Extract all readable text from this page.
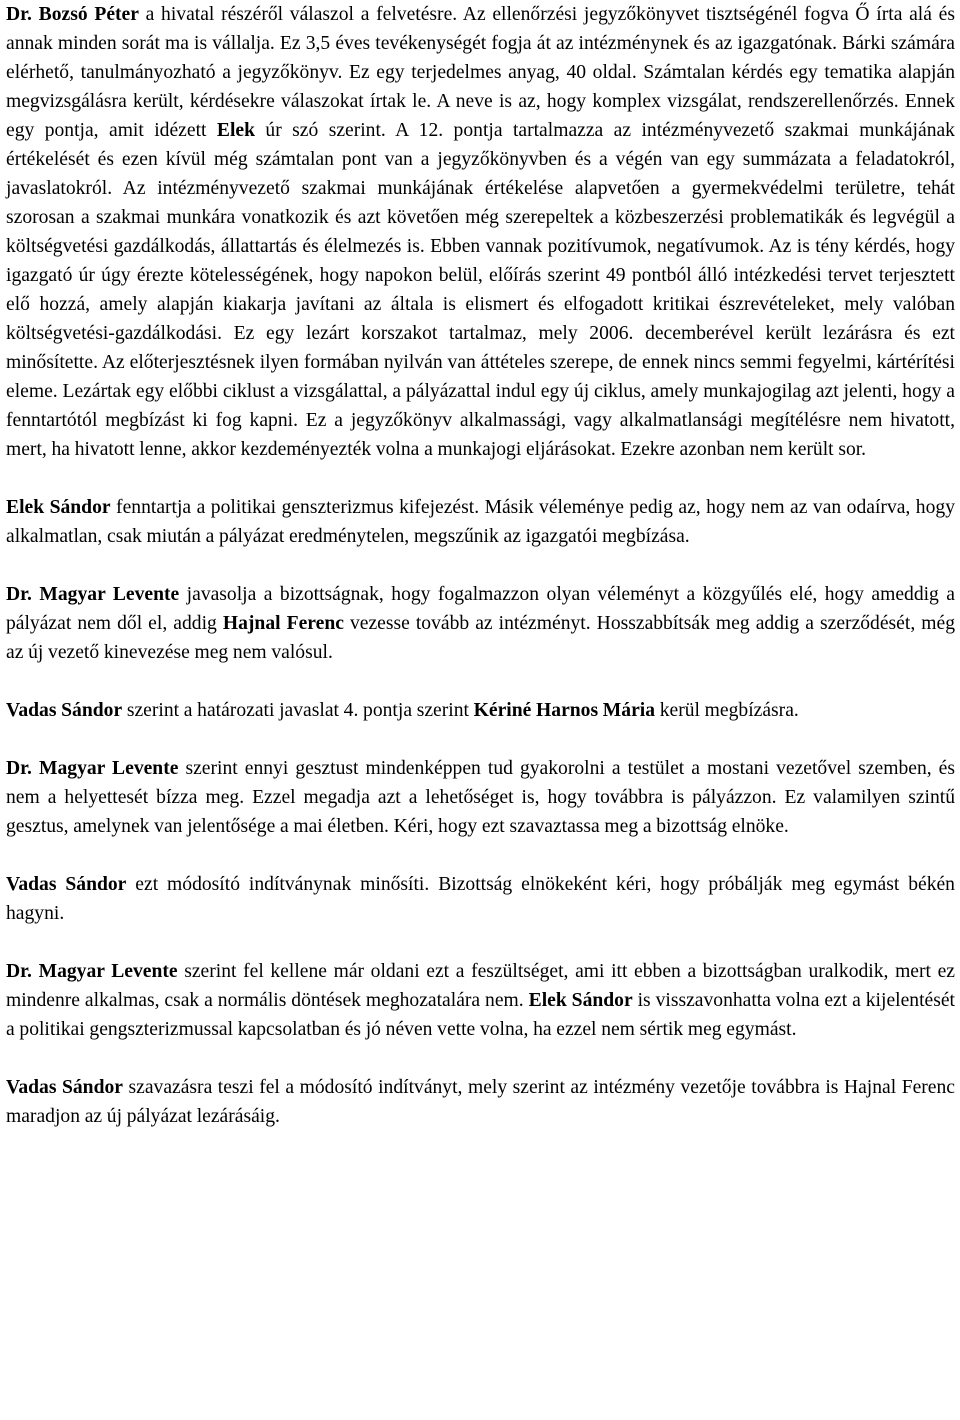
Dr. Bozsó Péter a hivatal részéről válaszol a felvetésre. Az ellenőrzési jegyzőkönyvet tisztségénél fogva Ő írta alá és annak minden sorát ma is vállalja. Ez 3,5 éves tevékenységét fogja át az intézménynek és az igazgatónak. Bárki számára elérhető, tanulmányozható a jegyzőkönyv. Ez egy terjedelmes anyag, 40 oldal. Számtalan kérdés egy tematika alapján megvizsgálásra került, kérdésekre válaszokat írtak le. A neve is az, hogy komplex vizsgálat, rendszerellenőrzés. Ennek egy pontja, amit idézett Elek úr szó szerint. A 12. pontja tartalmazza az intézményvezető szakmai munkájának értékelését és ezen kívül még számtalan pont van a jegyzőkönyvben és a végén van egy summázata a feladatokról, javaslatokról. Az intézményvezető szakmai munkájának értékelése alapvetően a gyermekvédelmi területre, tehát szorosan a szakmai munkára vonatkozik és azt követően még szerepeltek a közbeszerzési problematikák és legvégül a költségvetési gazdálkodás, állattartás és élelmezés is. Ebben vannak pozitívumok, negatívumok. Az is tény kérdés, hogy igazgató úr úgy érezte kötelességének, hogy napokon belül, előírás szerint 49 pontból álló intézkedési tervet terjesztett elő hozzá, amely alapján kiakarja javítani az általa is elismert és elfogadott kritikai észrevételeket, mely valóban költségvetési-gazdálkodási. Ez egy lezárt korszakot tartalmaz, mely 2006. decemberével került lezárásra és ezt minősítette. Az előterjesztésnek ilyen formában nyilván van áttételes szerepe, de ennek nincs semmi fegyelmi, kártérítési eleme. Lezártak egy előbbi ciklust a vizsgálattal, a pályázattal indul egy új ciklus, amely munkajogilag azt jelenti, hogy a fenntartótól megbízást ki fog kapni. Ez a jegyzőkönyv alkalmassági, vagy alkalmatlansági megítélésre nem hivatott, mert, ha hivatott lenne, akkor kezdeményezték volna a munkajogi eljárásokat. Ezekre azonban nem került sor.

Elek Sándor fenntartja a politikai genszterizmus kifejezést. Másik véleménye pedig az, hogy nem az van odaírva, hogy alkalmatlan, csak miután a pályázat eredménytelen, megszűnik az igazgatói megbízása.

Dr. Magyar Levente javasolja a bizottságnak, hogy fogalmazzon olyan véleményt a közgyűlés elé, hogy ameddig a pályázat nem dől el, addig Hajnal Ferenc vezesse tovább az intézményt. Hosszabbítsák meg addig a szerződését, még az új vezető kinevezése meg nem valósul.

Vadas Sándor szerint a határozati javaslat 4. pontja szerint Kériné Harnos Mária kerül megbízásra.

Dr. Magyar Levente szerint ennyi gesztust mindenképpen tud gyakorolni a testület a mostani vezetővel szemben, és nem a helyettesét bízza meg. Ezzel megadja azt a lehetőséget is, hogy továbbra is pályázzon. Ez valamilyen szintű gesztus, amelynek van jelentősége a mai életben. Kéri, hogy ezt szavaztassa meg a bizottság elnöke.

Vadas Sándor ezt módosító indítványnak minősíti. Bizottság elnökeként kéri, hogy próbálják meg egymást békén hagyni.

Dr. Magyar Levente szerint fel kellene már oldani ezt a feszültséget, ami itt ebben a bizottságban uralkodik, mert ez mindenre alkalmas, csak a normális döntések meghozatalára nem. Elek Sándor is visszavonhatta volna ezt a kijelentését a politikai gengszterizmussal kapcsolatban és jó néven vette volna, ha ezzel nem sértik meg egymást.

Vadas Sándor szavazásra teszi fel a módosító indítványt, mely szerint az intézmény vezetője továbbra is Hajnal Ferenc maradjon az új pályázat lezárásáig.
